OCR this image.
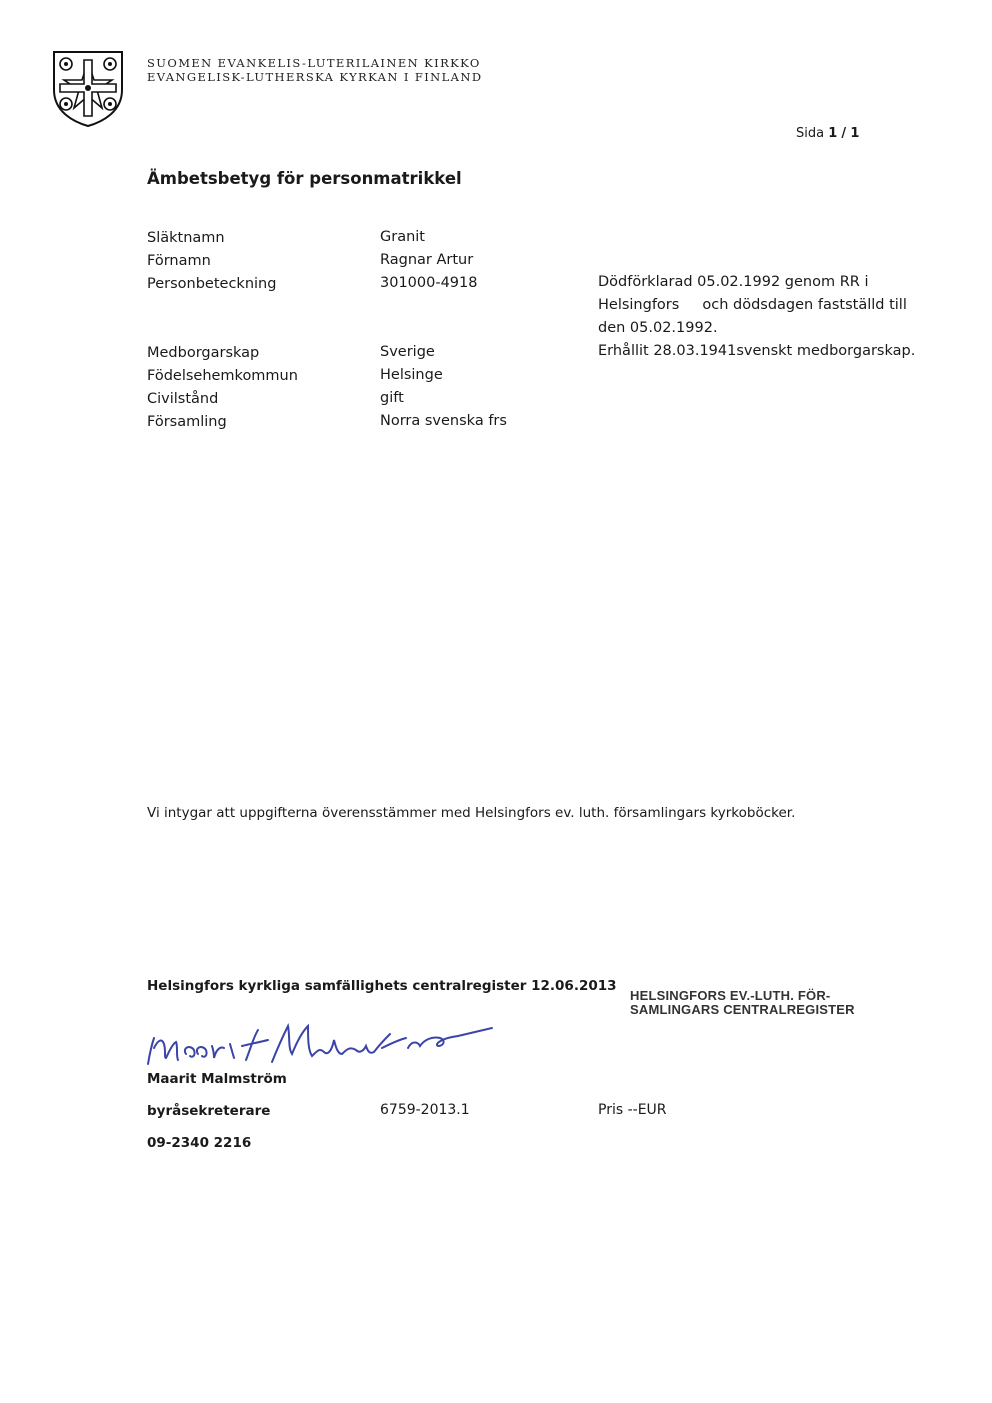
SUOMEN EVANKELIS-LUTERILAINEN KIRKKO
EVANGELISK-LUTHERSKA KYRKAN I FINLAND
Sida 1 / 1
Ämbetsbetyg för personmatrikkel
Släktnamn	Granit
Förnamn	Ragnar Artur
Personbeteckning	301000-4918
Medborgarskap	Sverige
Födelsehemkommun	Helsinge
Civilstånd	gift
Församling	Norra svenska frs
Dödförklarad 05.02.1992 genom RR i
Helsingfors     och dödsdagen fastställd till
den 05.02.1992.
Erhållit 28.03.1941svenskt medborgarskap.
Vi intygar att uppgifterna överensstämmer med Helsingfors ev. luth. församlingars kyrkoböcker.
Helsingfors kyrkliga samfällighets centralregister 12.06.2013
HELSINGFORS EV.-LUTH. FÖR-
SAMLINGARS CENTRALREGISTER
Maarit Malmström
byråsekreterare	6759-2013.1	Pris --EUR
09-2340 2216
